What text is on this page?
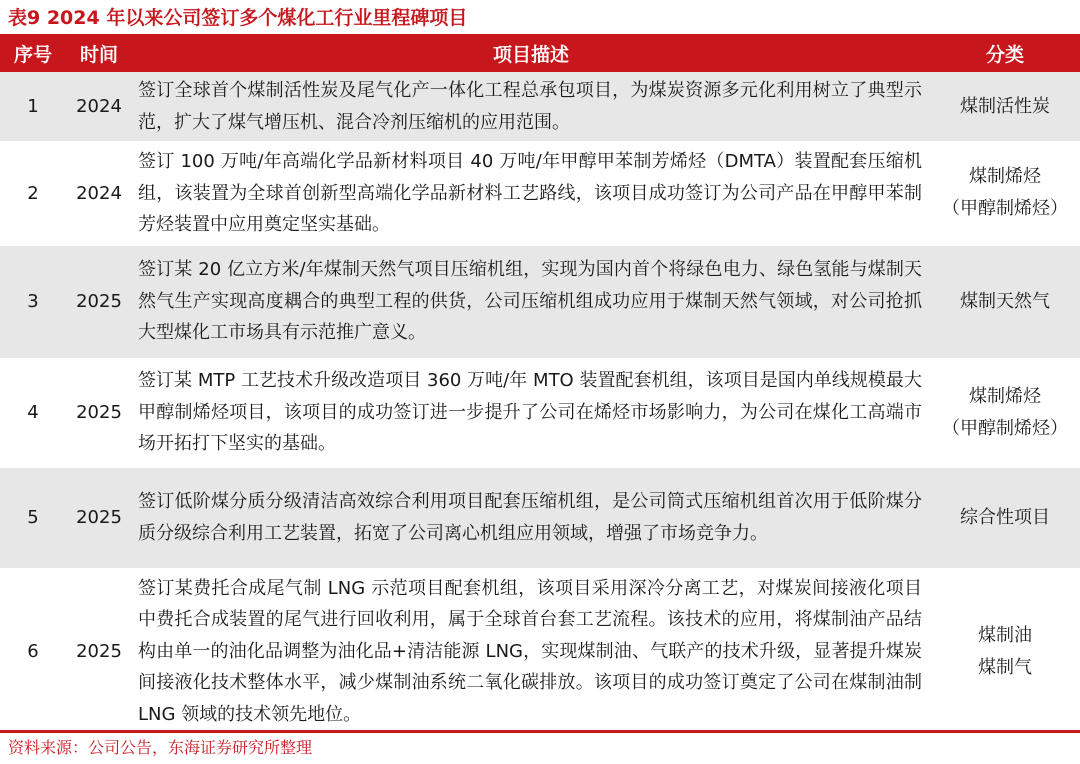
表9 2024 年以来公司签订多个煤化工行业里程碑项目
序号	时间	项目描述	分类
1	2024	签订全球首个煤制活性炭及尾气化产一体化工程总承包项目，为煤炭资源多元化利用树立了典型示范，扩大了煤气增压机、混合冷剂压缩机的应用范围。	煤制活性炭

2	2024	签订 100 万吨/年高端化学品新材料项目 40 万吨/年甲醇甲苯制芳烯烃（DMTA）装置配套压缩机组，该装置为全球首创新型高端化学品新材料工艺路线，该项目成功签订为公司产品在甲醇甲苯制芳烃装置中应用奠定坚实基础。	煤制烯烃
（甲醇制烯烃）

3	2025	签订某 20 亿立方米/年煤制天然气项目压缩机组，实现为国内首个将绿色电力、绿色氢能与煤制天然气生产实现高度耦合的典型工程的供货，公司压缩机组成功应用于煤制天然气领域，对公司抢抓大型煤化工市场具有示范推广意义。	煤制天然气

4	2025	签订某 MTP 工艺技术升级改造项目 360 万吨/年 MTO 装置配套机组，该项目是国内单线规模最大甲醇制烯烃项目，该项目的成功签订进一步提升了公司在烯烃市场影响力，为公司在煤化工高端市场开拓打下坚实的基础。	煤制烯烃
（甲醇制烯烃）

5	2025	签订低阶煤分质分级清洁高效综合利用项目配套压缩机组，是公司筒式压缩机组首次用于低阶煤分质分级综合利用工艺装置，拓宽了公司离心机组应用领域，增强了市场竞争力。	综合性项目

6	2025	签订某费托合成尾气制 LNG 示范项目配套机组，该项目采用深冷分离工艺，对煤炭间接液化项目中费托合成装置的尾气进行回收利用，属于全球首台套工艺流程。该技术的应用，将煤制油产品结构由单一的油化品调整为油化品+清洁能源 LNG，实现煤制油、气联产的技术升级，显著提升煤炭间接液化技术整体水平，减少煤制油系统二氧化碳排放。该项目的成功签订奠定了公司在煤制油制 LNG 领域的技术领先地位。	煤制油
煤制气
资料来源：公司公告，东海证券研究所整理
